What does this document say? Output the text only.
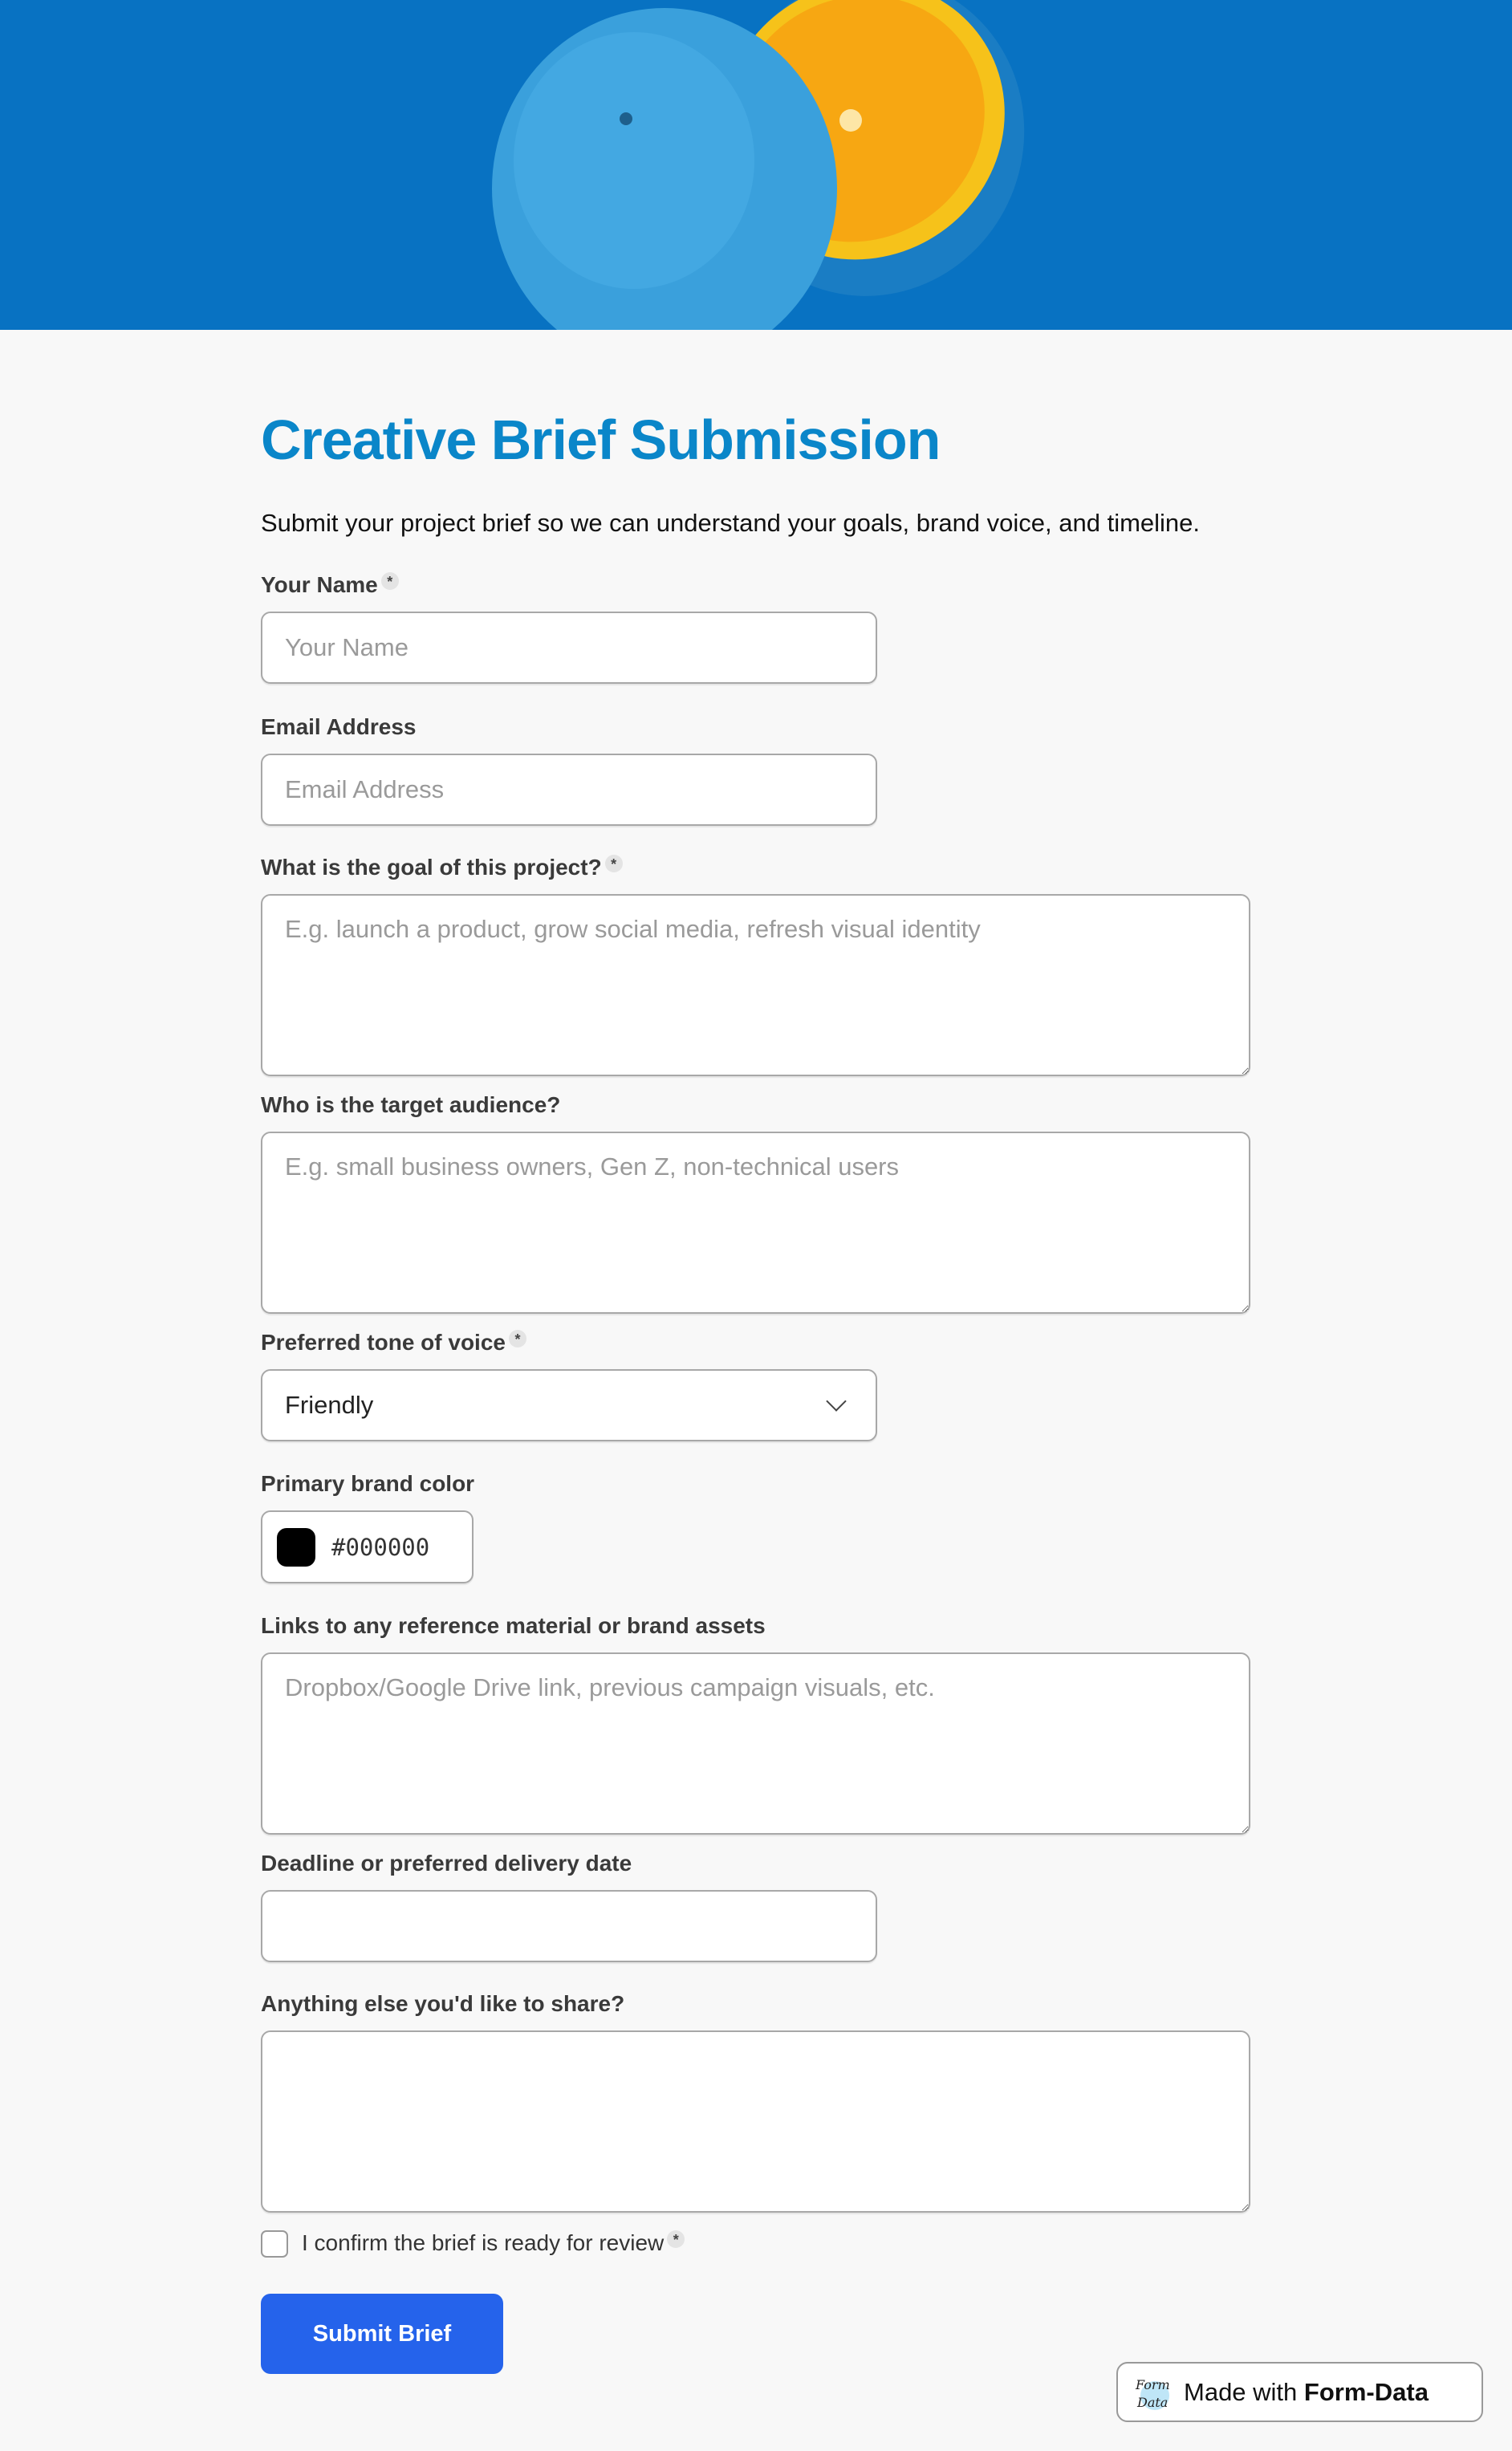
Creative Brief Submission
Submit your project brief so we can understand your goals, brand voice, and timeline.
Your Name *
Your Name
Email Address
Email Address
What is the goal of this project? *
E.g. launch a product, grow social media, refresh visual identity
Who is the target audience?
E.g. small business owners, Gen Z, non-technical users
Preferred tone of voice *
Friendly
Primary brand color
#000000
Links to any reference material or brand assets
Dropbox/Google Drive link, previous campaign visuals, etc.
Deadline or preferred delivery date
Anything else you'd like to share?
I confirm the brief is ready for review *
Submit Brief
Form
Data Made with
Form-Data
